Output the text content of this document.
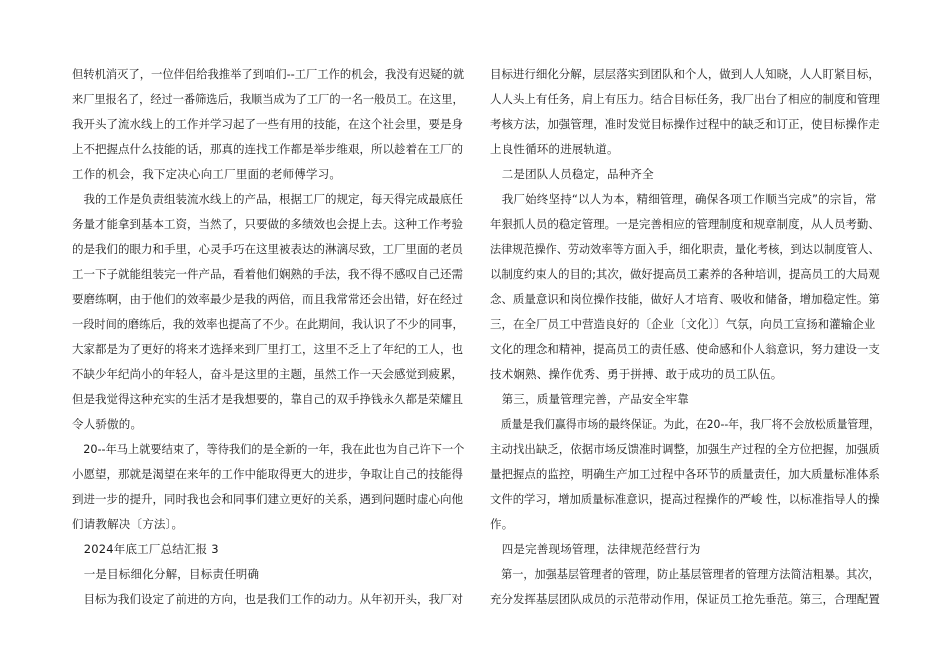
但转机消灭了，一位伴侣给我推举了到咱们--工厂工作的机会，我没有迟疑的就
来厂里报名了，经过一番筛选后，我顺当成为了工厂的一名一般员工。在这里，
我开头了流水线上的工作并学习起了一些有用的技能，在这个社会里，要是身
上不把握点什么技能的话，那真的连找工作都是举步维艰，所以趁着在工厂的
工作的机会，我下定决心向工厂里面的老师傅学习。
　我的工作是负责组装流水线上的产品，根据工厂的规定，每天得完成最底任
务量才能拿到基本工资，当然了，只要做的多绩效也会提上去。这种工作考验
的是我们的眼力和手里，心灵手巧在这里被表达的淋漓尽致，工厂里面的老员
工一下子就能组装完一件产品，看着他们娴熟的手法，我不得不感叹自己还需
要磨练啊，由于他们的效率最少是我的两倍，而且我常常还会出错，好在经过
一段时间的磨练后，我的效率也提高了不少。在此期间，我认识了不少的同事，
大家都是为了更好的将来才选择来到厂里打工，这里不乏上了年纪的工人，也
不缺少年纪尚小的年轻人，奋斗是这里的主题，虽然工作一天会感觉到疲累，
但是我觉得这种充实的生活才是我想要的，靠自己的双手挣钱永久都是荣耀且
令人骄傲的。
　20--年马上就要结束了，等待我们的是全新的一年，我在此也为自己许下一个
小愿望，那就是渴望在来年的工作中能取得更大的进步，争取让自己的技能得
到进一步的提升，同时我也会和同事们建立更好的关系，遇到问题时虚心向他
们请教解决〔方法〕。
　2024年底工厂总结汇报 3
　一是目标细化分解，目标责任明确
　目标为我们设定了前进的方向，也是我们工作的动力。从年初开头，我厂对
目标进行细化分解，层层落实到团队和个人，做到人人知晓，人人盯紧目标，
人人头上有任务，肩上有压力。结合目标任务，我厂出台了相应的制度和管理
考核方法，加强管理，准时发觉目标操作过程中的缺乏和订正，使目标操作走
上良性循环的进展轨道。
　二是团队人员稳定，品种齐全
　我厂始终坚持“以人为本，精细管理，确保各项工作顺当完成”的宗旨，常
年狠抓人员的稳定管理。一是完善相应的管理制度和规章制度，从人员考勤、
法律规范操作、劳动效率等方面入手，细化职责，量化考核，到达以制度管人、
以制度约束人的目的;其次，做好提高员工素养的各种培训，提高员工的大局观
念、质量意识和岗位操作技能，做好人才培育、吸收和储备，增加稳定性。第
三，在全厂员工中营造良好的〔企业〔文化〕〕气氛，向员工宣扬和灌输企业
文化的理念和精神，提高员工的责任感、使命感和仆人翁意识，努力建设一支
技术娴熟、操作优秀、勇于拼搏、敢于成功的员工队伍。
　第三，质量管理完善，产品安全牢靠
　质量是我们赢得市场的最终保证。为此，在20--年，我厂将不会放松质量管理，
主动找出缺乏，依据市场反馈准时调整，加强生产过程的全方位把握，加强质
量把握点的监控，明确生产加工过程中各环节的质量责任，加大质量标准体系
文件的学习，增加质量标准意识，提高过程操作的严峻 性，以标准指导人的操
作。
　四是完善现场管理，法律规范经营行为
　第一，加强基层管理者的管理，防止基层管理者的管理方法简洁粗暴。其次，
充分发挥基层团队成员的示范带动作用，保证员工抢先垂范。第三，合理配置
